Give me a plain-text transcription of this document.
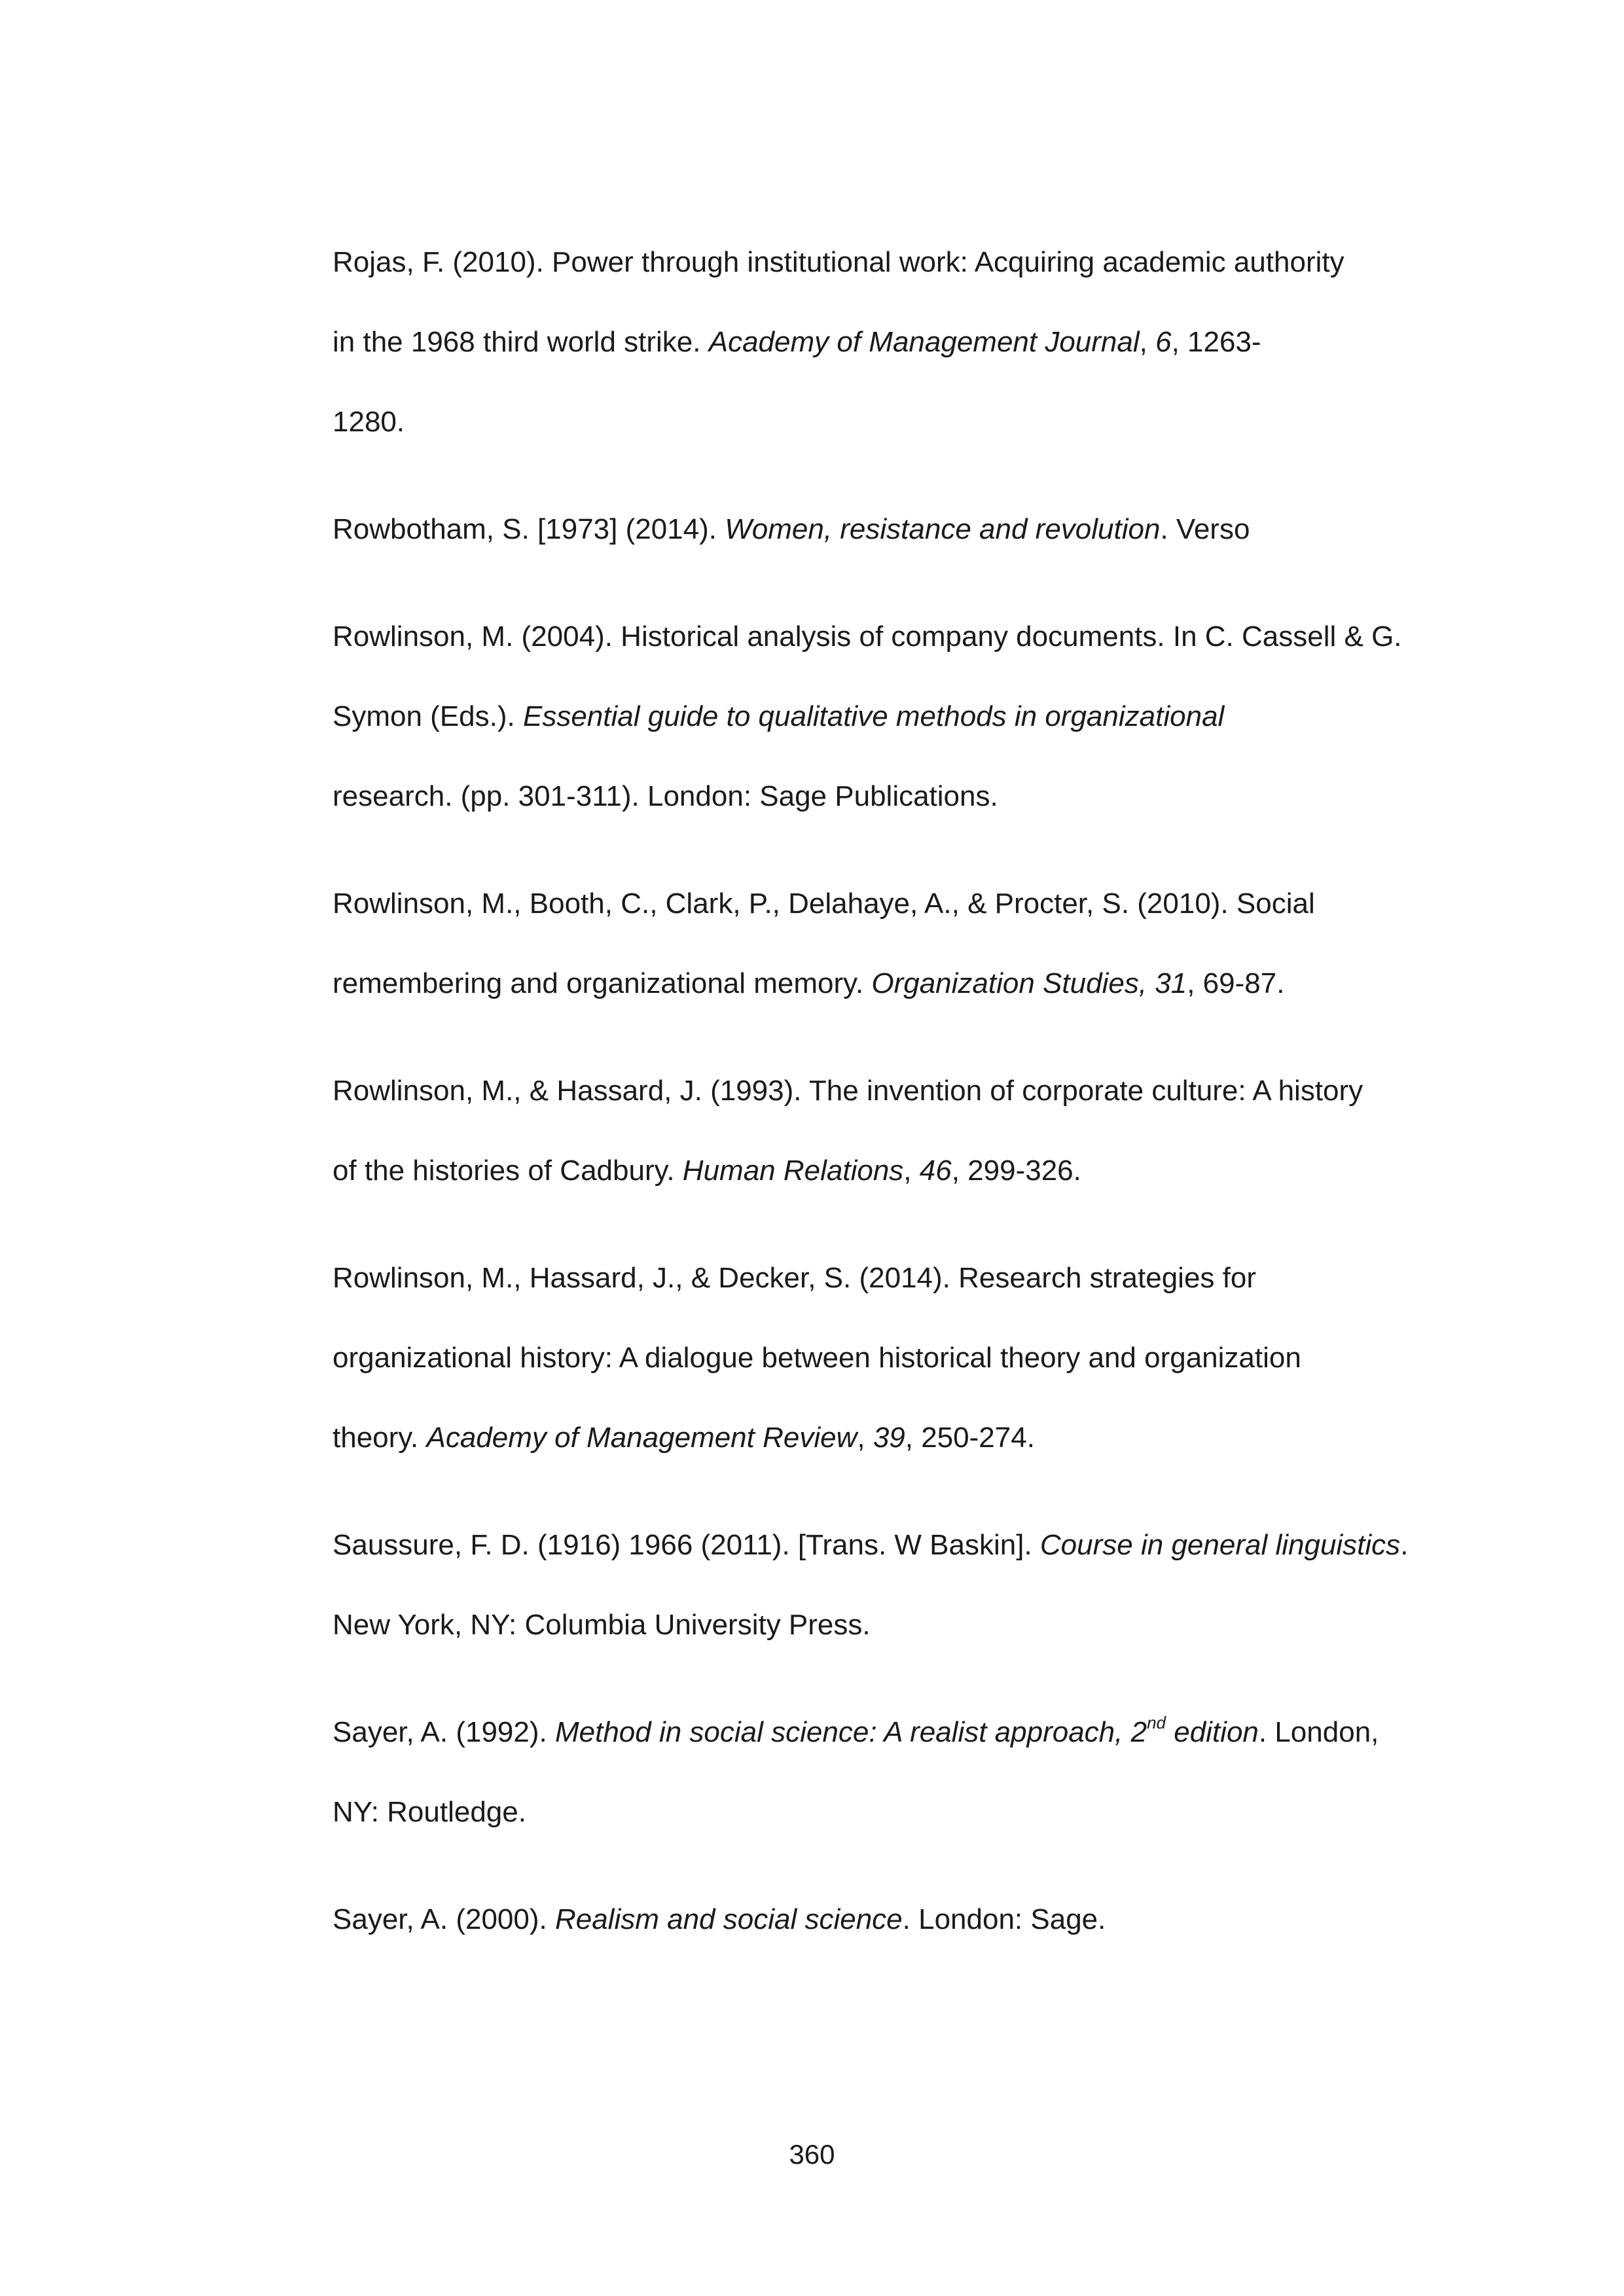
Rojas, F. (2010). Power through institutional work: Acquiring academic authority
in the 1968 third world strike. Academy of Management Journal, 6, 1263-
1280.

Rowbotham, S. [1973] (2014). Women, resistance and revolution. Verso

Rowlinson, M. (2004). Historical analysis of company documents. In C. Cassell & G.
Symon (Eds.). Essential guide to qualitative methods in organizational
research. (pp. 301-311). London: Sage Publications.

Rowlinson, M., Booth, C., Clark, P., Delahaye, A., & Procter, S. (2010). Social
remembering and organizational memory. Organization Studies, 31, 69-87.

Rowlinson, M., & Hassard, J. (1993). The invention of corporate culture: A history
of the histories of Cadbury. Human Relations, 46, 299-326.

Rowlinson, M., Hassard, J., & Decker, S. (2014). Research strategies for
organizational history: A dialogue between historical theory and organization
theory. Academy of Management Review, 39, 250-274.

Saussure, F. D. (1916) 1966 (2011). [Trans. W Baskin]. Course in general linguistics.
New York, NY: Columbia University Press.

Sayer, A. (1992). Method in social science: A realist approach, 2nd edition. London,
NY: Routledge.

Sayer, A. (2000). Realism and social science. London: Sage.

360
